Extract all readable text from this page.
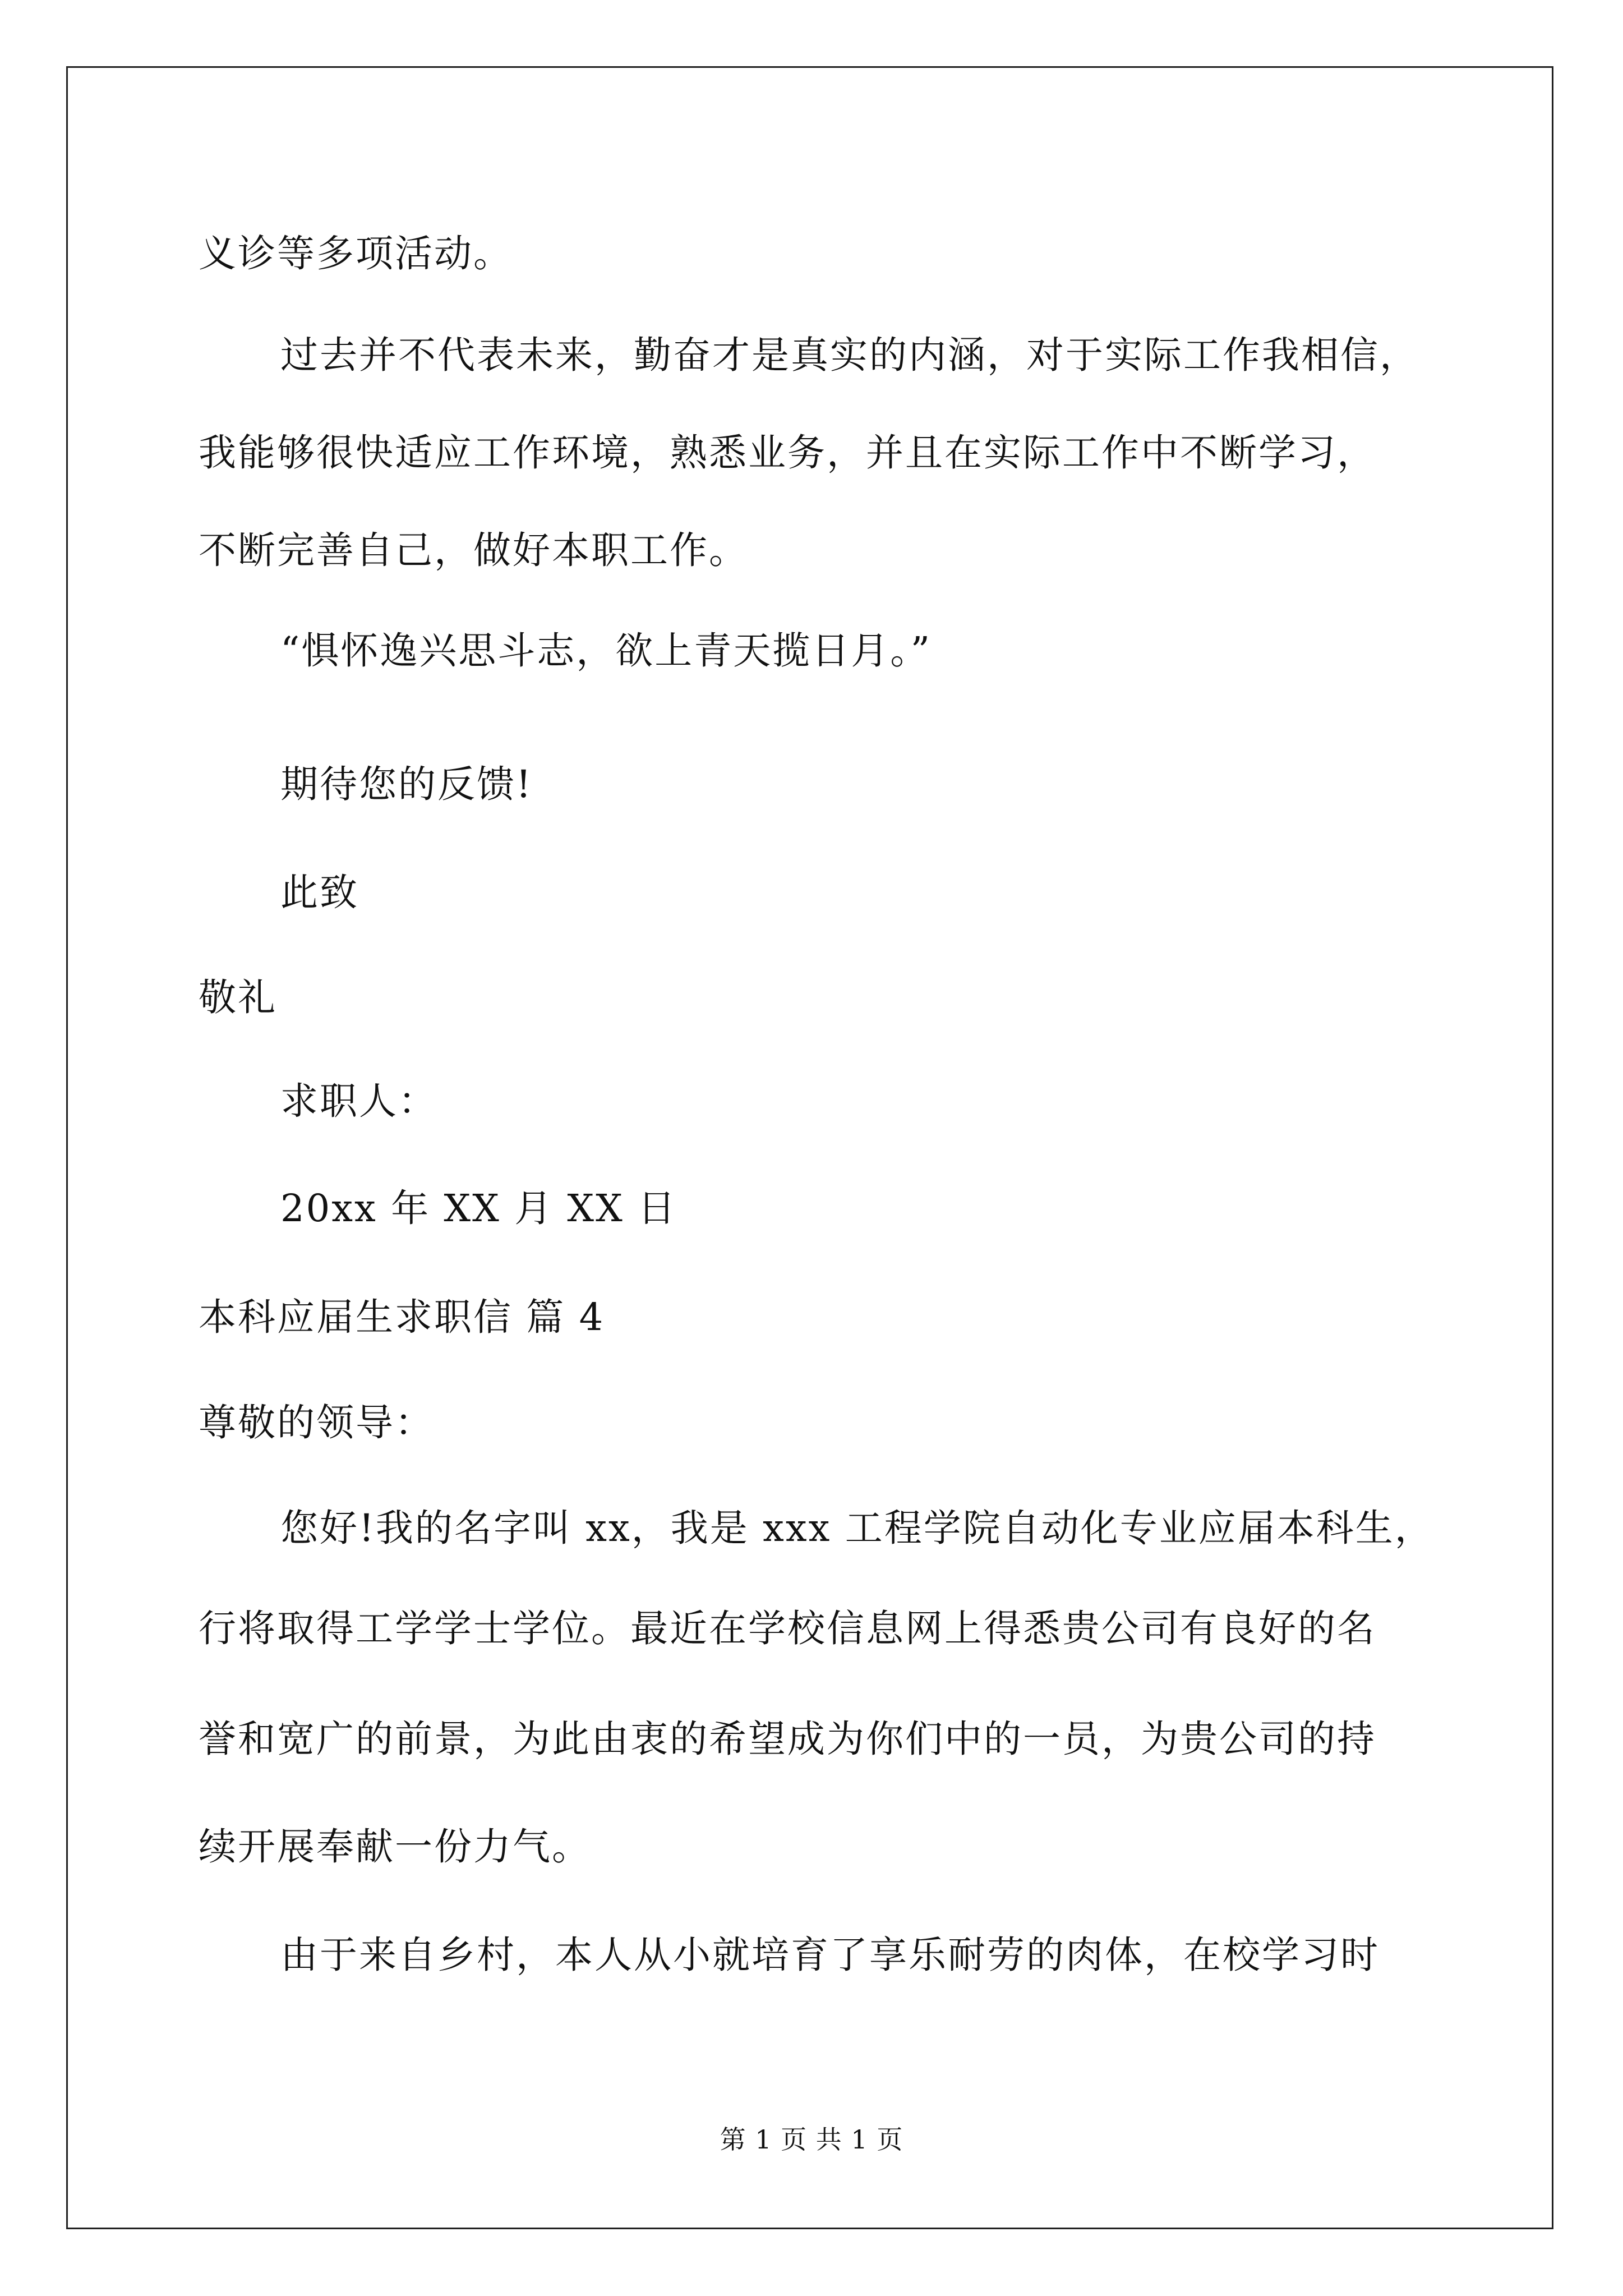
义诊等多项活动。
过去并不代表未来，勤奋才是真实的内涵，对于实际工作我相信，
我能够很快适应工作环境，熟悉业务，并且在实际工作中不断学习，
不断完善自己，做好本职工作。
“惧怀逸兴思斗志，欲上青天揽日月。”
期待您的反馈!
此致
敬礼
求职人：
20xx 年 XX 月 XX 日
本科应届生求职信 篇 4
尊敬的领导：
您好!我的名字叫 xx，我是 xxx 工程学院自动化专业应届本科生，
行将取得工学学士学位。最近在学校信息网上得悉贵公司有良好的名
誉和宽广的前景，为此由衷的希望成为你们中的一员，为贵公司的持
续开展奉献一份力气。
由于来自乡村，本人从小就培育了享乐耐劳的肉体，在校学习时
第 1 页 共 1 页
